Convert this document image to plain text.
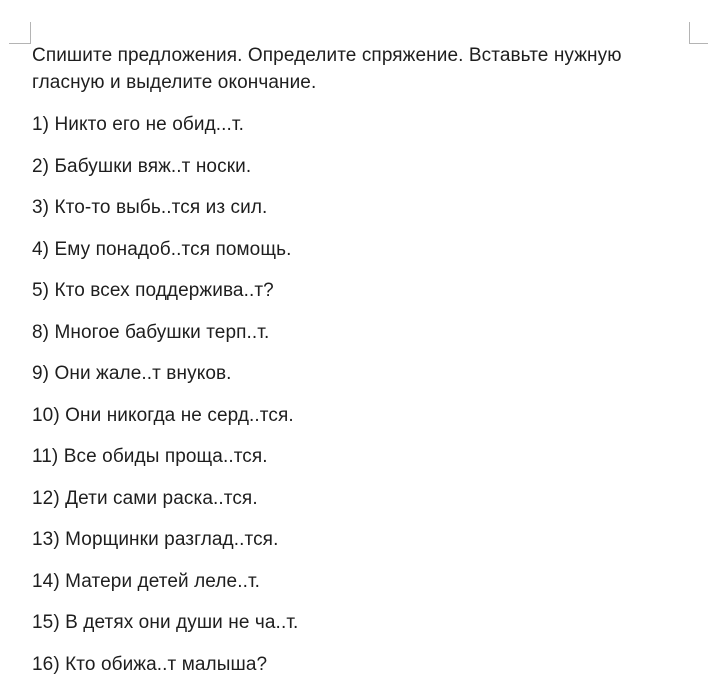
Спишите предложения. Определите спряжение. Вставьте нужную гласную и выделите окончание.

1) Никто его не обид...т.
2) Бабушки вяж..т носки.
3) Кто-то выбь..тся из сил.
4) Ему понадоб..тся помощь.
5) Кто всех поддержива..т?
8) Многое бабушки терп..т.
9) Они жале..т внуков.
10) Они никогда не серд..тся.
11) Все обиды проща..тся.
12) Дети сами раска..тся.
13) Морщинки разглад..тся.
14) Матери детей леле..т.
15) В детях они души не ча..т.
16) Кто обижа..т малыша?
